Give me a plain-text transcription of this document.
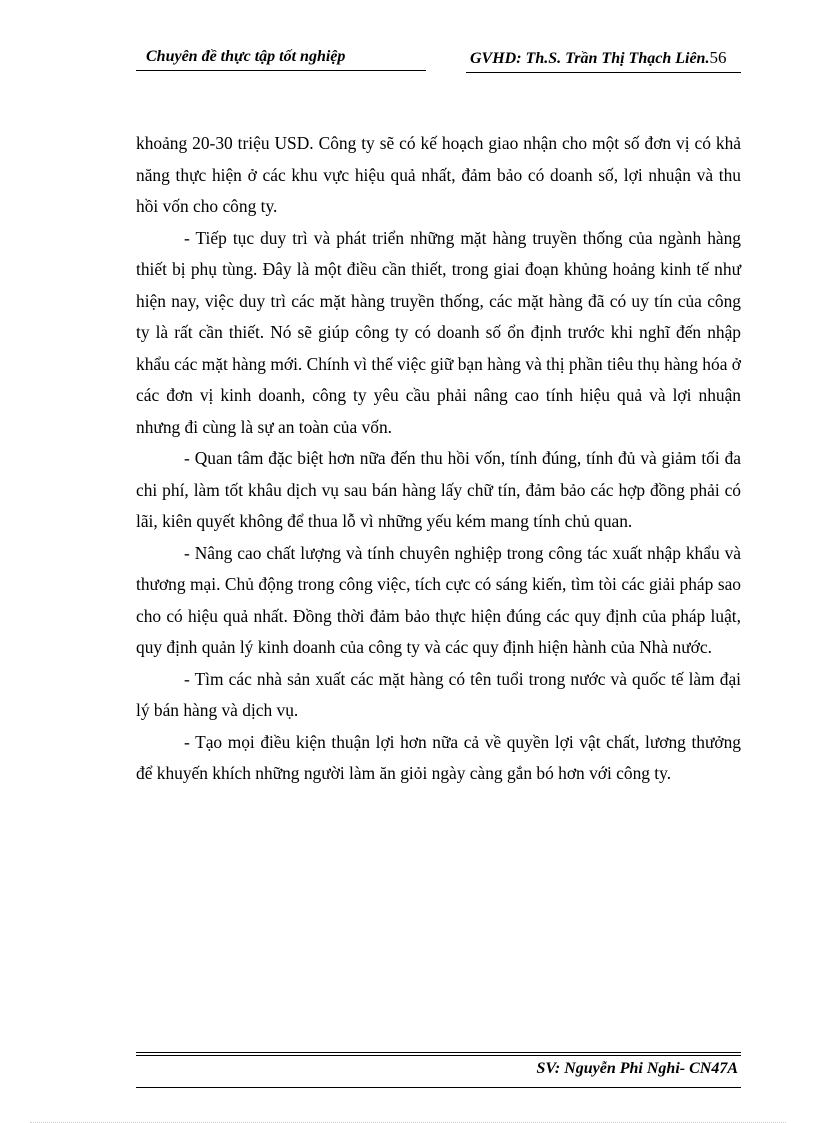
Chuyên đề thực tập tốt nghiệp	GVHD: Th.S. Trần Thị Thạch Liên.56

khoảng 20-30 triệu USD. Công ty sẽ có kế hoạch giao nhận cho một số đơn vị có khả năng thực hiện ở các khu vực hiệu quả nhất, đảm bảo có doanh số, lợi nhuận và thu hồi vốn cho công ty.

- Tiếp tục duy trì và phát triển những mặt hàng truyền thống của ngành hàng thiết bị phụ tùng. Đây là một điều cần thiết, trong giai đoạn khủng hoảng kinh tế như hiện nay, việc duy trì các mặt hàng truyền thống, các mặt hàng đã có uy tín của công ty là rất cần thiết. Nó sẽ giúp công ty có doanh số ổn định trước khi nghĩ đến nhập khẩu các mặt hàng mới. Chính vì thế việc giữ bạn hàng và thị phần tiêu thụ hàng hóa ở các đơn vị kinh doanh, công ty yêu cầu phải nâng cao tính hiệu quả và lợi nhuận nhưng đi cùng là sự an toàn của vốn.

- Quan tâm đặc biệt hơn nữa đến thu hồi vốn, tính đúng, tính đủ và giảm tối đa chi phí, làm tốt khâu dịch vụ sau bán hàng lấy chữ tín, đảm bảo các hợp đồng phải có lãi, kiên quyết không để thua lỗ vì những yếu kém mang tính chủ quan.

- Nâng cao chất lượng và tính chuyên nghiệp trong công tác xuất nhập khẩu và thương mại. Chủ động trong công việc, tích cực có sáng kiến, tìm tòi các giải pháp sao cho có hiệu quả nhất. Đồng thời đảm bảo thực hiện đúng các quy định của pháp luật, quy định quản lý kinh doanh của công ty và các quy định hiện hành của Nhà nước.

- Tìm các nhà sản xuất các mặt hàng có tên tuổi trong nước và quốc tế làm đại lý bán hàng và dịch vụ.

- Tạo mọi điều kiện thuận lợi hơn nữa cả về quyền lợi vật chất, lương thưởng để khuyến khích những người làm ăn giỏi ngày càng gắn bó hơn với công ty.

SV: Nguyễn Phi Nghi- CN47A
